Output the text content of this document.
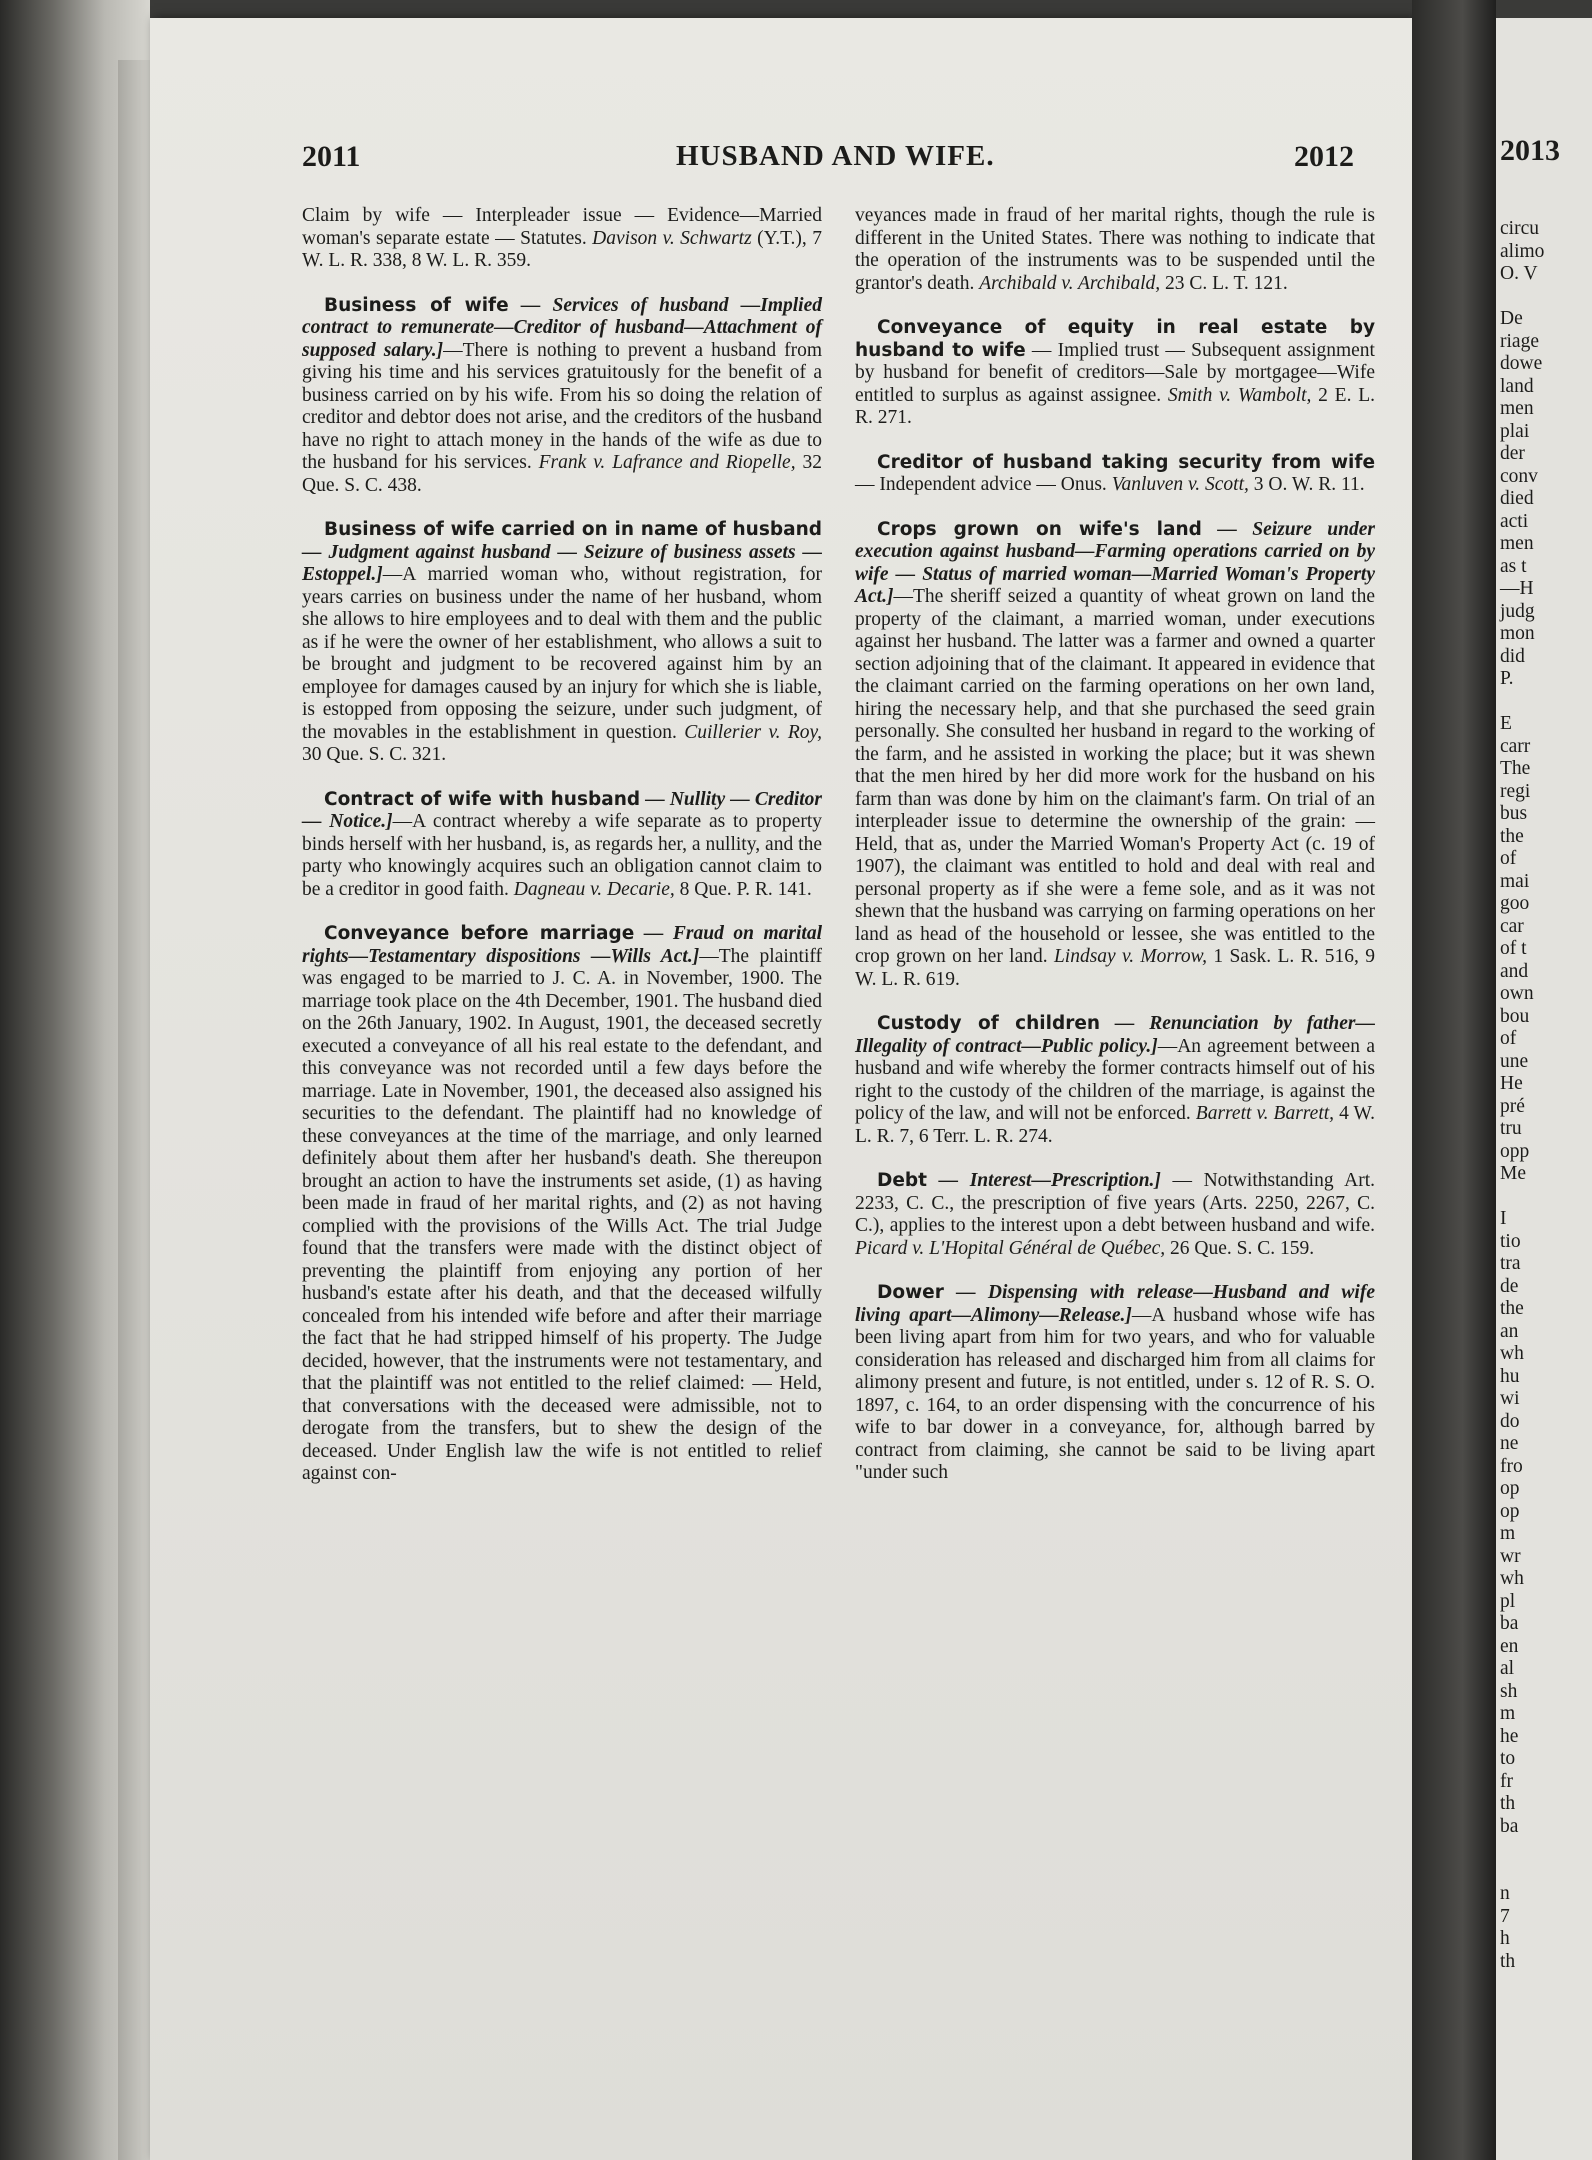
2011	HUSBAND AND WIFE.	2012

Claim by wife — Interpleader issue — Evidence—Married woman's separate estate — Statutes. Davison v. Schwartz (Y.T.), 7 W. L. R. 338, 8 W. L. R. 359.

Business of wife — Services of husband —Implied contract to remunerate—Creditor of husband—Attachment of supposed salary.]—There is nothing to prevent a husband from giving his time and his services gratuitously for the benefit of a business carried on by his wife. From his so doing the relation of creditor and debtor does not arise, and the creditors of the husband have no right to attach money in the hands of the wife as due to the husband for his services. Frank v. Lafrance and Riopelle, 32 Que. S. C. 438.

Business of wife carried on in name of husband — Judgment against husband — Seizure of business assets — Estoppel.]—A married woman who, without registration, for years carries on business under the name of her husband, whom she allows to hire employees and to deal with them and the public as if he were the owner of her establishment, who allows a suit to be brought and judgment to be recovered against him by an employee for damages caused by an injury for which she is liable, is estopped from opposing the seizure, under such judgment, of the movables in the establishment in question. Cuillerier v. Roy, 30 Que. S. C. 321.

Contract of wife with husband — Nullity — Creditor — Notice.]—A contract whereby a wife separate as to property binds herself with her husband, is, as regards her, a nullity, and the party who knowingly acquires such an obligation cannot claim to be a creditor in good faith. Dagneau v. Decarie, 8 Que. P. R. 141.

Conveyance before marriage — Fraud on marital rights—Testamentary dispositions —Wills Act.]—The plaintiff was engaged to be married to J. C. A. in November, 1900. The marriage took place on the 4th December, 1901. The husband died on the 26th January, 1902. In August, 1901, the deceased secretly executed a conveyance of all his real estate to the defendant, and this conveyance was not recorded until a few days before the marriage. Late in November, 1901, the deceased also assigned his securities to the defendant. The plaintiff had no knowledge of these conveyances at the time of the marriage, and only learned definitely about them after her husband's death. She thereupon brought an action to have the instruments set aside, (1) as having been made in fraud of her marital rights, and (2) as not having complied with the provisions of the Wills Act. The trial Judge found that the transfers were made with the distinct object of preventing the plaintiff from enjoying any portion of her husband's estate after his death, and that the deceased wilfully concealed from his intended wife before and after their marriage the fact that he had stripped himself of his property. The Judge decided, however, that the instruments were not testamentary, and that the plaintiff was not entitled to the relief claimed: — Held, that conversations with the deceased were admissible, not to derogate from the transfers, but to shew the design of the deceased. Under English law the wife is not entitled to relief against con-

veyances made in fraud of her marital rights, though the rule is different in the United States. There was nothing to indicate that the operation of the instruments was to be suspended until the grantor's death. Archibald v. Archibald, 23 C. L. T. 121.

Conveyance of equity in real estate by husband to wife — Implied trust — Subsequent assignment by husband for benefit of creditors—Sale by mortgagee—Wife entitled to surplus as against assignee. Smith v. Wambolt, 2 E. L. R. 271.

Creditor of husband taking security from wife — Independent advice — Onus. Vanluven v. Scott, 3 O. W. R. 11.

Crops grown on wife's land — Seizure under execution against husband—Farming operations carried on by wife — Status of married woman—Married Woman's Property Act.]—The sheriff seized a quantity of wheat grown on land the property of the claimant, a married woman, under executions against her husband. The latter was a farmer and owned a quarter section adjoining that of the claimant. It appeared in evidence that the claimant carried on the farming operations on her own land, hiring the necessary help, and that she purchased the seed grain personally. She consulted her husband in regard to the working of the farm, and he assisted in working the place; but it was shewn that the men hired by her did more work for the husband on his farm than was done by him on the claimant's farm. On trial of an interpleader issue to determine the ownership of the grain: — Held, that as, under the Married Woman's Property Act (c. 19 of 1907), the claimant was entitled to hold and deal with real and personal property as if she were a feme sole, and as it was not shewn that the husband was carrying on farming operations on her land as head of the household or lessee, she was entitled to the crop grown on her land. Lindsay v. Morrow, 1 Sask. L. R. 516, 9 W. L. R. 619.

Custody of children — Renunciation by father—Illegality of contract—Public policy.]—An agreement between a husband and wife whereby the former contracts himself out of his right to the custody of the children of the marriage, is against the policy of the law, and will not be enforced. Barrett v. Barrett, 4 W. L. R. 7, 6 Terr. L. R. 274.

Debt — Interest—Prescription.] — Notwithstanding Art. 2233, C. C., the prescription of five years (Arts. 2250, 2267, C. C.), applies to the interest upon a debt between husband and wife. Picard v. L'Hopital Général de Québec, 26 Que. S. C. 159.

Dower — Dispensing with release—Husband and wife living apart—Alimony—Release.]—A husband whose wife has been living apart from him for two years, and who for valuable consideration has released and discharged him from all claims for alimony present and future, is not entitled, under s. 12 of R. S. O. 1897, c. 164, to an order dispensing with the concurrence of his wife to bar dower in a conveyance, for, although barred by contract from claiming, she cannot be said to be living apart "under such

2013
circu
alimo
O. V
De
riage
dowe
land
men
plai
der
conv
died
acti
men
as t
—H
judg
mon
did
P.
E
carr
The
regi
bus
the
of
mai
goo
car
of t
and
own
bou
of
une
He
pré
tru
opp
Me
I
tio
tra
de
the
an
wh
hu
wi
do
ne
fro
op
op
m
wr
wh
pl
ba
en
al
sh
m
he
to
fr
th
ba
n
7
h
th
